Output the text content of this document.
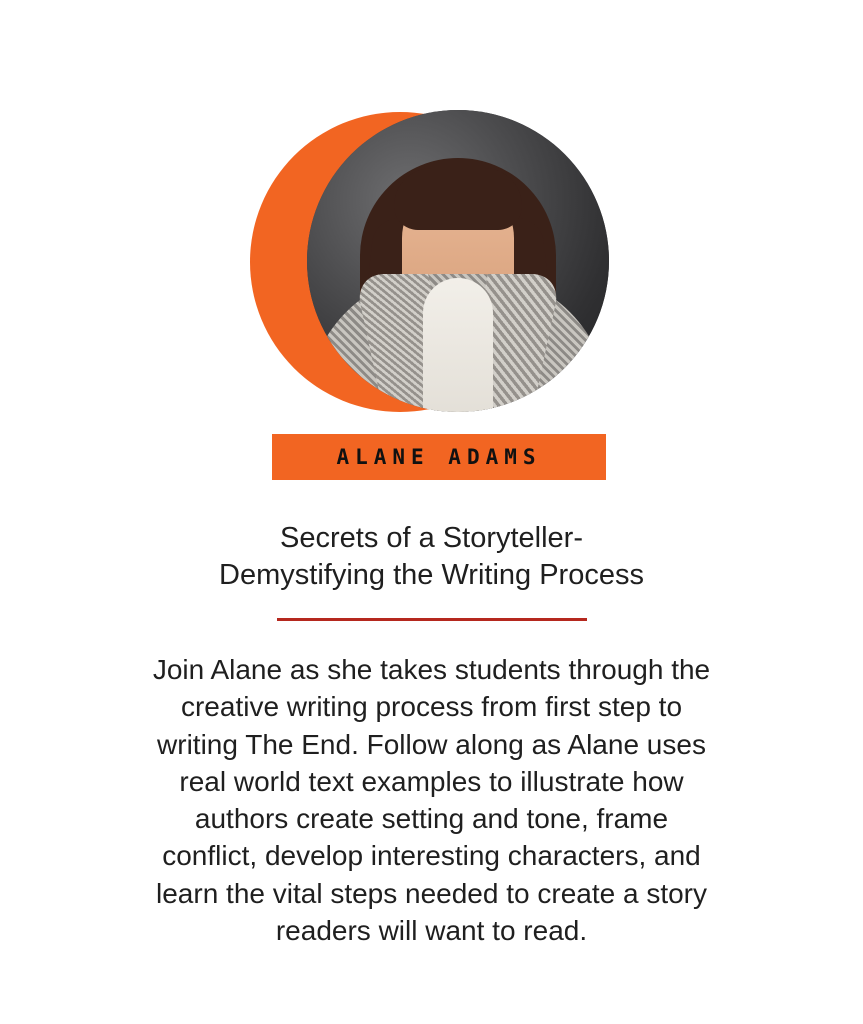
ALANE ADAMS
Secrets of a Storyteller-
Demystifying the Writing Process

Join Alane as she takes students through the creative writing process from first step to writing The End. Follow along as Alane uses real world text examples to illustrate how authors create setting and tone, frame conflict, develop interesting characters, and learn the vital steps needed to create a story readers will want to read.
